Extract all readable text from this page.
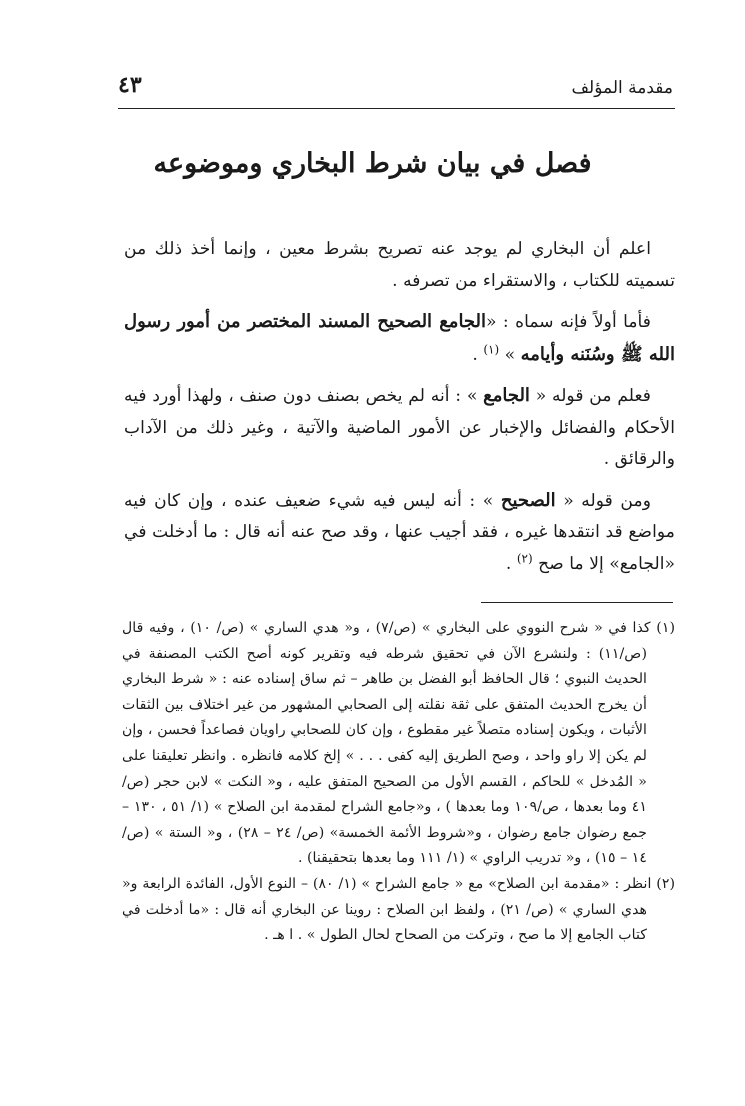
مقدمة المؤلف
٤٣
فصل في بيان شرط البخاري وموضوعه

اعلم أن البخاري لم يوجد عنه تصريح بشرط معين ، وإنما أخذ ذلك من تسميته للكتاب ، والاستقراء من تصرفه .

فأما أولاً فإنه سماه : «الجامع الصحيح المسند المختصر من أمور رسول الله ﷺ وسُنَنه وأيامه » $^{(١)}$ .

فعلم من قوله « الجامع » : أنه لم يخص بصنف دون صنف ، ولهذا أورد فيه الأحكام والفضائل والإخبار عن الأمور الماضية والآتية ، وغير ذلك من الآداب والرقائق .

ومن قوله « الصحيح » : أنه ليس فيه شيء ضعيف عنده ، وإن كان فيه مواضع قد انتقدها غيره ، فقد أجيب عنها ، وقد صح عنه أنه قال : ما أدخلت في «الجامع» إلا ما صح $^{(٢)}$ .

(١) كذا في « شرح النووي على البخاري » (ص/٧) ، و« هدي الساري » (ص/ ١٠) ، وفيه قال (ص/١١) : ولنشرع الآن في تحقيق شرطه فيه وتقرير كونه أصح الكتب المصنفة في الحديث النبوي ؛ قال الحافظ أبو الفضل بن طاهر – ثم ساق إسناده عنه : « شرط البخاري أن يخرج الحديث المتفق على ثقة نقلته إلى الصحابي المشهور من غير اختلاف بين الثقات الأثبات ، ويكون إسناده متصلاً غير مقطوع ، وإن كان للصحابي راويان فصاعداً فحسن ، وإن لم يكن إلا راو واحد ، وصح الطريق إليه كفى . . . » إلخ كلامه فانظره . وانظر تعليقنا على « المُدخل » للحاكم ، القسم الأول من الصحيح المتفق عليه ، و« النكت » لابن حجر (ص/٤١ وما بعدها ، ص/١٠٩ وما بعدها ) ، و«جامع الشراح لمقدمة ابن الصلاح » (١/ ٥١ ، ١٣٠ – جمع رضوان جامع رضوان ، و«شروط الأئمة الخمسة» (ص/ ٢٤ – ٢٨) ، و« الستة » (ص/ ١٤ – ١٥) ، و« تدريب الراوي » (١/ ١١١ وما بعدها بتحقيقنا) .
(٢) انظر : «مقدمة ابن الصلاح» مع « جامع الشراح » (١/ ٨٠) – النوع الأول، الفائدة الرابعة و« هدي الساري » (ص/ ٢١) ، ولفظ ابن الصلاح : روينا عن البخاري أنه قال : «ما أدخلت في كتاب الجامع إلا ما صح ، وتركت من الصحاح لحال الطول » . ا هـ .
